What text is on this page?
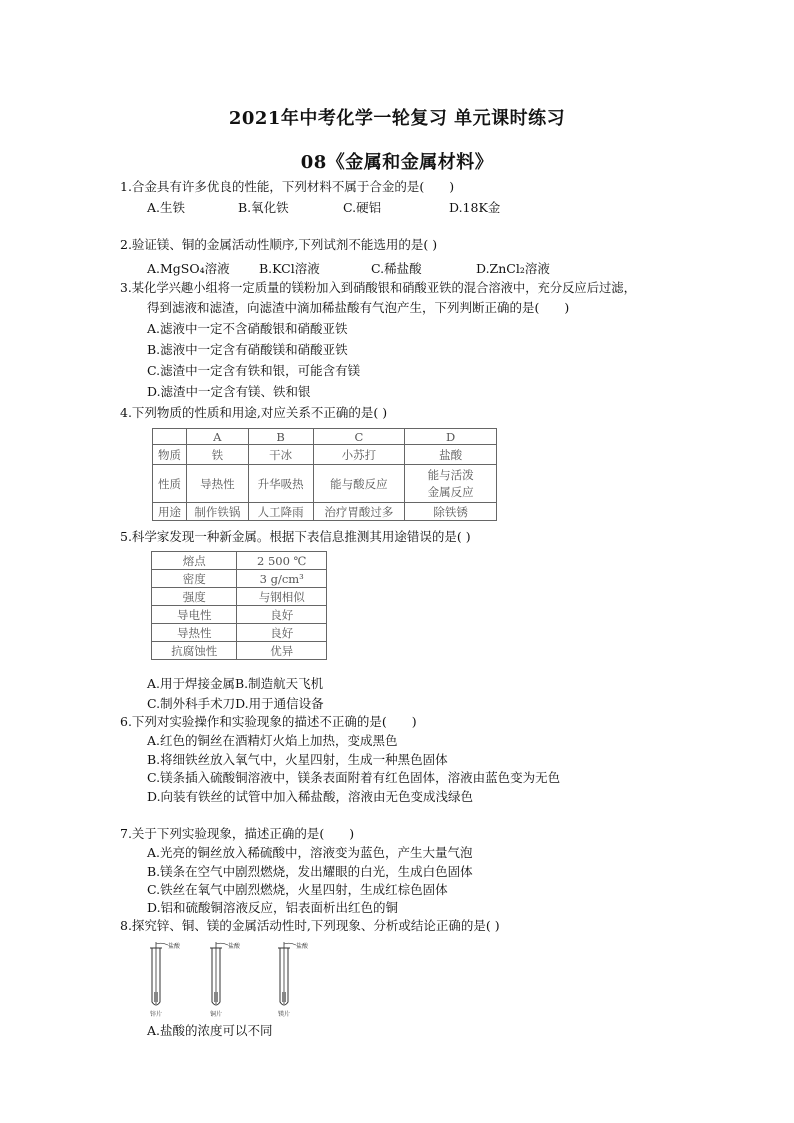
2021年中考化学一轮复习 单元课时练习
08《金属和金属材料》
1.合金具有许多优良的性能，下列材料不属于合金的是(　　)
A.生铁	B.氧化铁	C.硬铝	D.18K金
2.验证镁、铜的金属活动性顺序,下列试剂不能选用的是( )
A.MgSO₄溶液 B.KCl溶液	C.稀盐酸	D.ZnCl₂溶液
3.某化学兴趣小组将一定质量的镁粉加入到硝酸银和硝酸亚铁的混合溶液中，充分反应后过滤，
得到滤液和滤渣，向滤渣中滴加稀盐酸有气泡产生，下列判断正确的是(　　)
A.滤液中一定不含硝酸银和硝酸亚铁
B.滤液中一定含有硝酸镁和硝酸亚铁
C.滤渣中一定含有铁和银，可能含有镁
D.滤渣中一定含有镁、铁和银
4.下列物质的性质和用途,对应关系不正确的是( )
	A	B	C	D
物质	铁	干冰	小苏打	盐酸
性质	导热性	升华吸热	能与酸反应	能与活泼
金属反应
用途	制作铁锅	人工降雨	治疗胃酸过多	除铁锈
5.科学家发现一种新金属。根据下表信息推测其用途错误的是( )
熔点	2 500 ℃
密度	3 g/cm³
强度	与钢相似
导电性	良好
导热性	良好
抗腐蚀性	优异
A.用于焊接金属B.制造航天飞机
C.制外科手术刀D.用于通信设备
6.下列对实验操作和实验现象的描述不正确的是(　　)
A.红色的铜丝在酒精灯火焰上加热，变成黑色
B.将细铁丝放入氧气中，火星四射，生成一种黑色固体
C.镁条插入硫酸铜溶液中，镁条表面附着有红色固体，溶液由蓝色变为无色
D.向装有铁丝的试管中加入稀盐酸，溶液由无色变成浅绿色
7.关于下列实验现象，描述正确的是(　　)
A.光亮的铜丝放入稀硫酸中，溶液变为蓝色，产生大量气泡
B.镁条在空气中剧烈燃烧，发出耀眼的白光，生成白色固体
C.铁丝在氧气中剧烈燃烧，火星四射，生成红棕色固体
D.铝和硫酸铜溶液反应，铝表面析出红色的铜
8.探究锌、铜、镁的金属活动性时,下列现象、分析或结论正确的是( )
盐酸	盐酸	盐酸
锌片	铜片	镁片
A.盐酸的浓度可以不同
